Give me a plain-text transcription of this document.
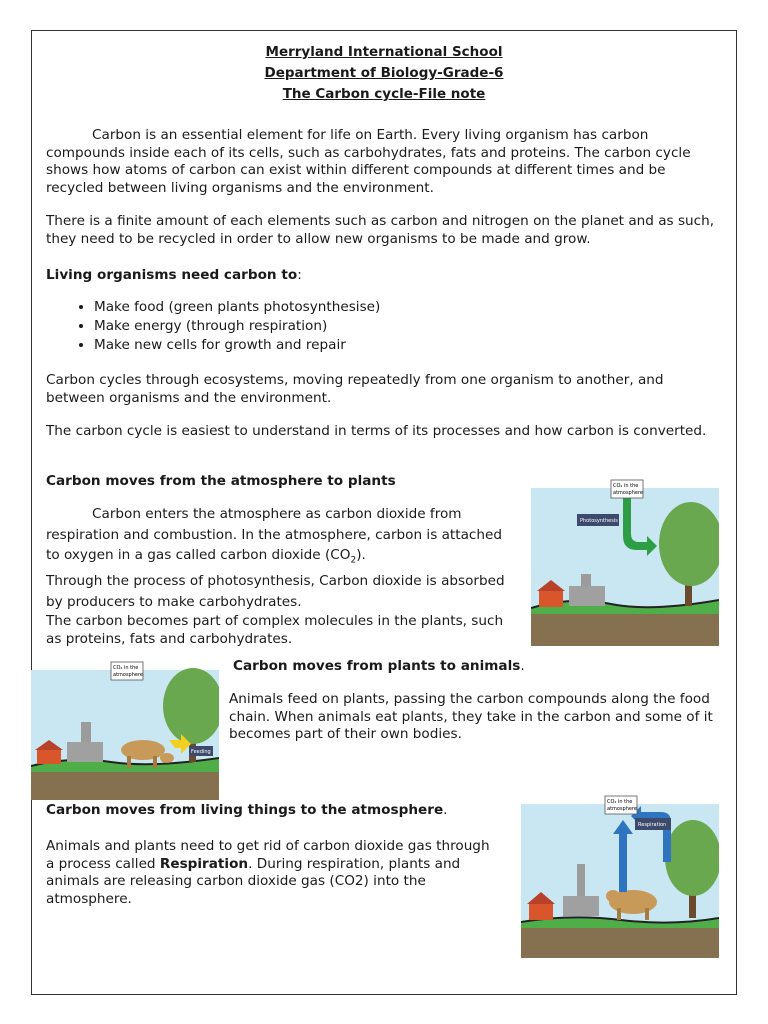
Merryland International School
Department of Biology-Grade-6
The Carbon cycle-File note

Carbon is an essential element for life on Earth. Every living organism has carbon compounds inside each of its cells, such as carbohydrates, fats and proteins. The carbon cycle shows how atoms of carbon can exist within different compounds at different times and be recycled between living organisms and the environment.

There is a finite amount of each elements such as carbon and nitrogen on the planet and as such, they need to be recycled in order to allow new organisms to be made and grow.

Living organisms need carbon to:

• Make food (green plants photosynthesise)
• Make energy (through respiration)
• Make new cells for growth and repair

Carbon cycles through ecosystems, moving repeatedly from one organism to another, and between organisms and the environment.

The carbon cycle is easiest to understand in terms of its processes and how carbon is converted.

Carbon moves from the atmosphere to plants

Carbon enters the atmosphere as carbon dioxide from respiration and combustion. In the atmosphere, carbon is attached to oxygen in a gas called carbon dioxide $(CO_2)$.
Through the process of photosynthesis, Carbon dioxide is absorbed by producers to make carbohydrates.
The carbon becomes part of complex molecules in the plants, such as proteins, fats and carbohydrates.
CO₂ in the
atmosphere
Photosynthesis
Feeding
CO₂ in the
atmosphere

Carbon moves from plants to animals.

Animals feed on plants, passing the carbon compounds along the food chain. When animals eat plants, they take in the carbon and some of it becomes part of their own bodies.

Carbon moves from living things to the atmosphere.

Animals and plants need to get rid of carbon dioxide gas through a process called Respiration. During respiration, plants and animals are releasing carbon dioxide gas (CO2) into the atmosphere.

CO₂ in the
atmosphere
Respiration
